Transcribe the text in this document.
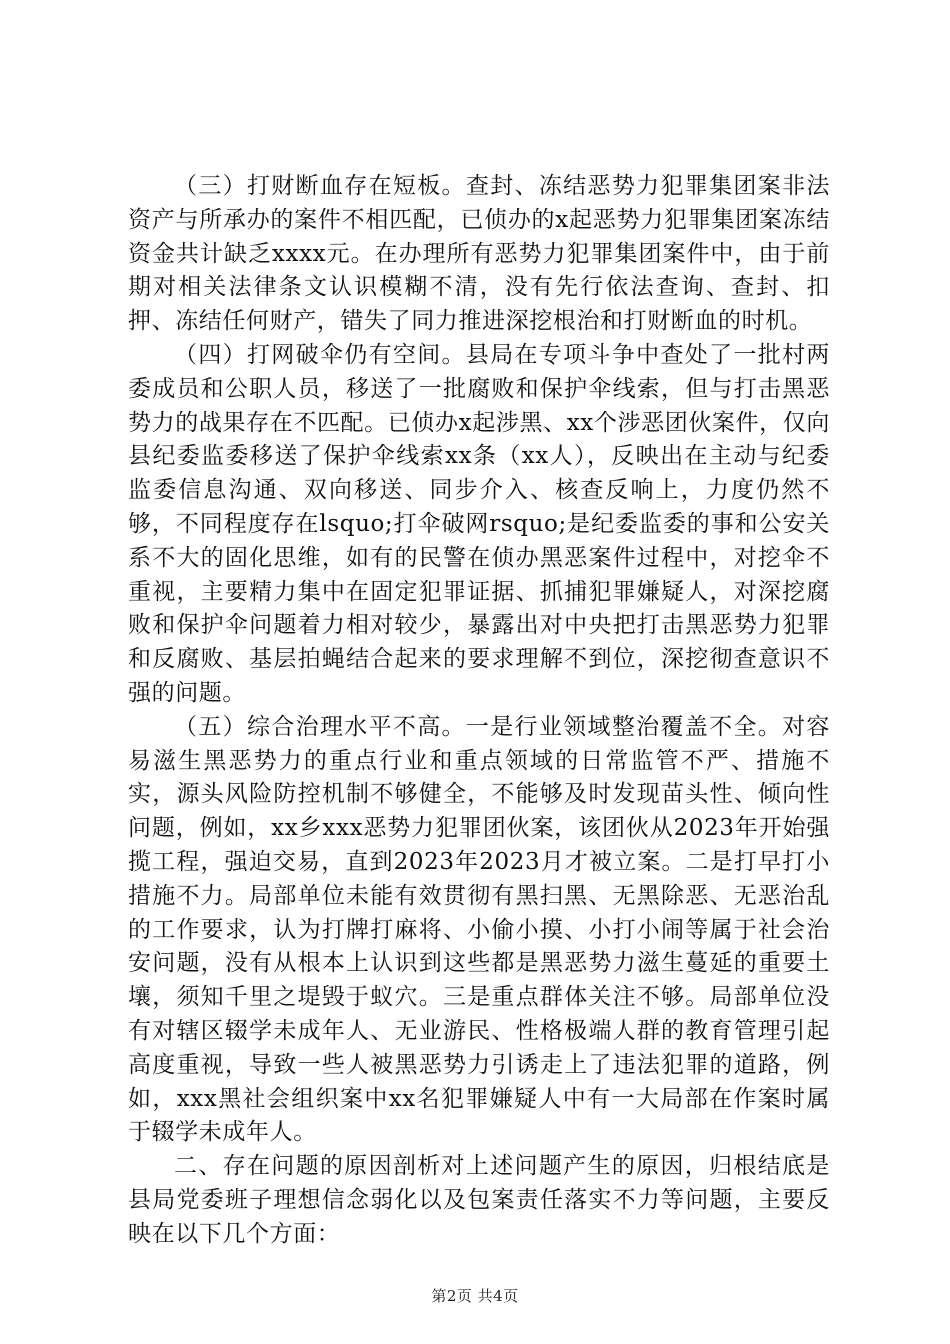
（三）打财断血存在短板。查封、冻结恶势力犯罪集团案非法资产与所承办的案件不相匹配，已侦办的x起恶势力犯罪集团案冻结资金共计缺乏xxxx元。在办理所有恶势力犯罪集团案件中，由于前期对相关法律条文认识模糊不清，没有先行依法查询、查封、扣押、冻结任何财产，错失了同力推进深挖根治和打财断血的时机。

（四）打网破伞仍有空间。县局在专项斗争中查处了一批村两委成员和公职人员，移送了一批腐败和保护伞线索，但与打击黑恶势力的战果存在不匹配。已侦办x起涉黑、xx个涉恶团伙案件，仅向县纪委监委移送了保护伞线索xx条（xx人），反映出在主动与纪委监委信息沟通、双向移送、同步介入、核查反响上，力度仍然不够，不同程度存在lsquo;打伞破网rsquo;是纪委监委的事和公安关系不大的固化思维，如有的民警在侦办黑恶案件过程中，对挖伞不重视，主要精力集中在固定犯罪证据、抓捕犯罪嫌疑人，对深挖腐败和保护伞问题着力相对较少，暴露出对中央把打击黑恶势力犯罪和反腐败、基层拍蝇结合起来的要求理解不到位，深挖彻查意识不强的问题。

（五）综合治理水平不高。一是行业领域整治覆盖不全。对容易滋生黑恶势力的重点行业和重点领域的日常监管不严、措施不实，源头风险防控机制不够健全，不能够及时发现苗头性、倾向性问题，例如，xx乡xxx恶势力犯罪团伙案，该团伙从2023年开始强揽工程，强迫交易，直到2023年2023月才被立案。二是打早打小措施不力。局部单位未能有效贯彻有黑扫黑、无黑除恶、无恶治乱的工作要求，认为打牌打麻将、小偷小摸、小打小闹等属于社会治安问题，没有从根本上认识到这些都是黑恶势力滋生蔓延的重要土壤，须知千里之堤毁于蚁穴。三是重点群体关注不够。局部单位没有对辖区辍学未成年人、无业游民、性格极端人群的教育管理引起高度重视，导致一些人被黑恶势力引诱走上了违法犯罪的道路，例如，xxx黑社会组织案中xx名犯罪嫌疑人中有一大局部在作案时属于辍学未成年人。

二、存在问题的原因剖析对上述问题产生的原因，归根结底是县局党委班子理想信念弱化以及包案责任落实不力等问题，主要反映在以下几个方面：

第2页 共4页
